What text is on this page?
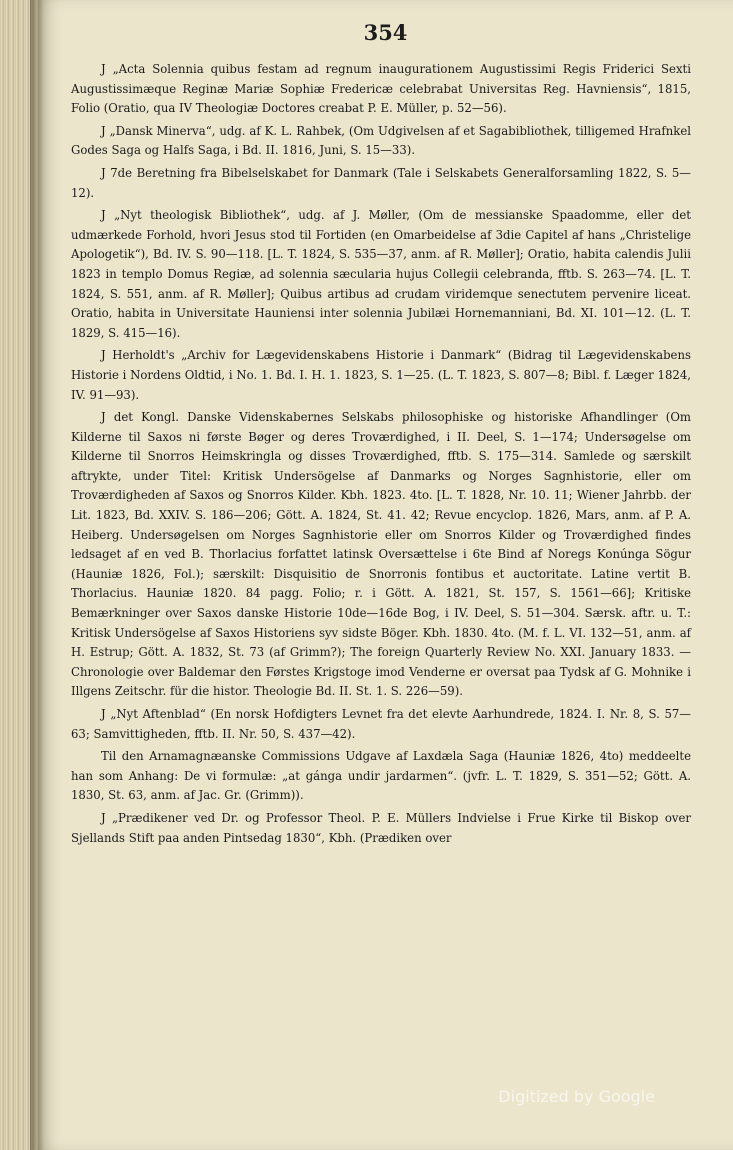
354

J „Acta Solennia quibus festam ad regnum inaugurationem Augustissimi Regis Friderici Sexti Augustissimæque Reginæ Mariæ Sophiæ Fredericæ celebrabat Universitas Reg. Havniensis“, 1815, Folio (Oratio, qua IV Theologiæ Doctores creabat P. E. Müller, p. 52—56).

J „Dansk Minerva“, udg. af K. L. Rahbek, (Om Udgivelsen af et Sagabibliothek, tilligemed Hrafnkel Godes Saga og Halfs Saga, i Bd. II. 1816, Juni, S. 15—33).

J 7de Beretning fra Bibelselskabet for Danmark (Tale i Selskabets Generalforsamling 1822, S. 5—12).

J „Nyt theologisk Bibliothek“, udg. af J. Møller, (Om de messianske Spaadomme, eller det udmærkede Forhold, hvori Jesus stod til Fortiden (en Omarbeidelse af 3die Capitel af hans „Christelige Apologetik“), Bd. IV. S. 90—118. [L. T. 1824, S. 535—37, anm. af R. Møller]; Oratio, habita calendis Julii 1823 in templo Domus Regiæ, ad solennia sæcularia hujus Collegii celebranda, fftb. S. 263—74. [L. T. 1824, S. 551, anm. af R. Møller]; Quibus artibus ad crudam viridemque senectutem pervenire liceat. Oratio, habita in Universitate Hauniensi inter solennia Jubilæi Hornemanniani, Bd. XI. 101—12. (L. T. 1829, S. 415—16).

J Herholdt's „Archiv for Lægevidenskabens Historie i Danmark“ (Bidrag til Lægevidenskabens Historie i Nordens Oldtid, i No. 1. Bd. I. H. 1. 1823, S. 1—25. (L. T. 1823, S. 807—8; Bibl. f. Læger 1824, IV. 91—93).

J det Kongl. Danske Videnskabernes Selskabs philosophiske og historiske Afhandlinger (Om Kilderne til Saxos ni første Bøger og deres Troværdighed, i II. Deel, S. 1—174; Undersøgelse om Kilderne til Snorros Heimskringla og disses Troværdighed, fftb. S. 175—314. Samlede og særskilt aftrykte, under Titel: Kritisk Undersögelse af Danmarks og Norges Sagnhistorie, eller om Troværdigheden af Saxos og Snorros Kilder. Kbh. 1823. 4to. [L. T. 1828, Nr. 10. 11; Wiener Jahrbb. der Lit. 1823, Bd. XXIV. S. 186—206; Gött. A. 1824, St. 41. 42; Revue encyclop. 1826, Mars, anm. af P. A. Heiberg. Undersøgelsen om Norges Sagnhistorie eller om Snorros Kilder og Troværdighed findes ledsaget af en ved B. Thorlacius forfattet latinsk Oversættelse i 6te Bind af Noregs Konúnga Sögur (Hauniæ 1826, Fol.); særskilt: Disquisitio de Snorronis fontibus et auctoritate. Latine vertit B. Thorlacius. Hauniæ 1820. 84 pagg. Folio; r. i Gött. A. 1821, St. 157, S. 1561—66]; Kritiske Bemærkninger over Saxos danske Historie 10de—16de Bog, i IV. Deel, S. 51—304. Særsk. aftr. u. T.: Kritisk Undersögelse af Saxos Historiens syv sidste Böger. Kbh. 1830. 4to. (M. f. L. VI. 132—51, anm. af H. Estrup; Gött. A. 1832, St. 73 (af Grimm?); The foreign Quarterly Review No. XXI. January 1833. — Chronologie over Baldemar den Førstes Krigstoge imod Venderne er oversat paa Tydsk af G. Mohnike i Illgens Zeitschr. für die histor. Theologie Bd. II. St. 1. S. 226—59).

J „Nyt Aftenblad“ (En norsk Hofdigters Levnet fra det elevte Aarhundrede, 1824. I. Nr. 8, S. 57—63; Samvittigheden, fftb. II. Nr. 50, S. 437—42).

Til den Arnamagnæanske Commissions Udgave af Laxdæla Saga (Hauniæ 1826, 4to) meddeelte han som Anhang: De vi formulæ: „at gánga undir jardarmen“. (jvfr. L. T. 1829, S. 351—52; Gött. A. 1830, St. 63, anm. af Jac. Gr. (Grimm)).

J „Prædikener ved Dr. og Professor Theol. P. E. Müllers Indvielse i Frue Kirke til Biskop over Sjellands Stift paa anden Pintsedag 1830“, Kbh. (Prædiken over

Digitized by Google
